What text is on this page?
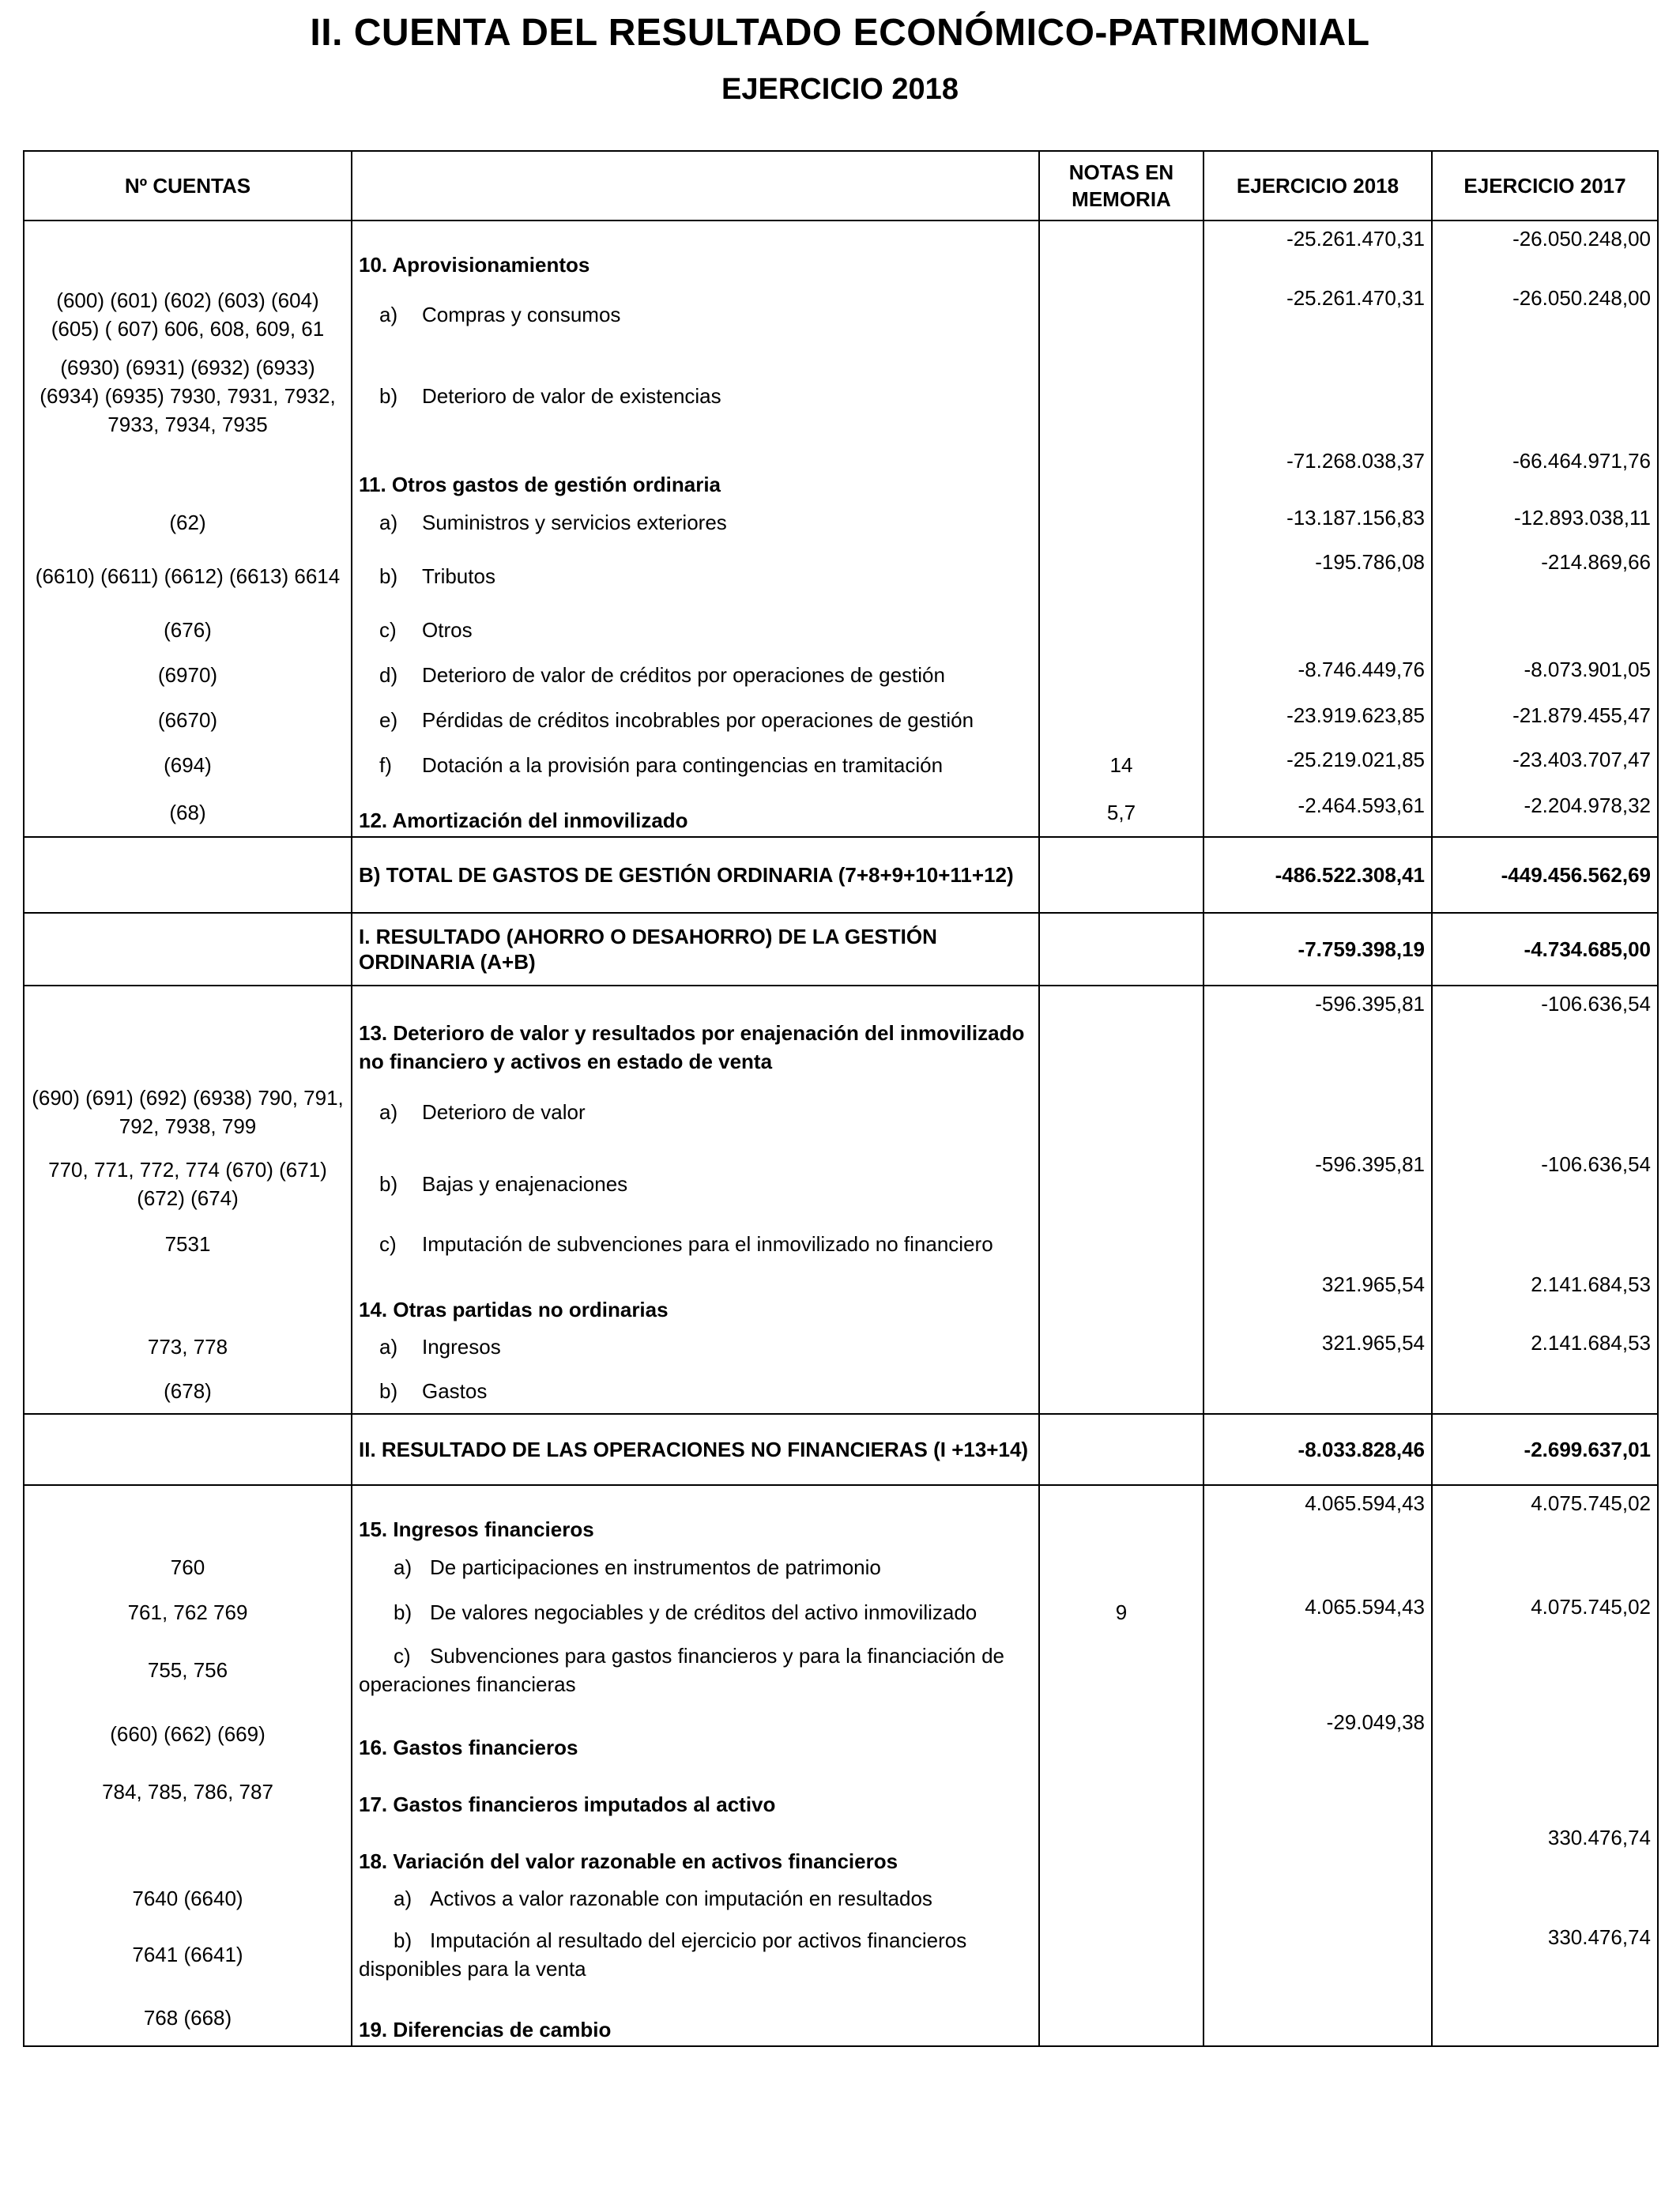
II. CUENTA DEL RESULTADO ECONÓMICO-PATRIMONIAL
EJERCICIO 2018
Nº CUENTAS		NOTAS EN MEMORIA	EJERCICIO 2018	EJERCICIO 2017
	10. Aprovisionamientos		-25.261.470,31	-26.050.248,00
(600) (601) (602) (603) (604) (605) ( 607) 606, 608, 609, 61	a) Compras y consumos		-25.261.470,31	-26.050.248,00
(6930) (6931) (6932) (6933) (6934) (6935) 7930, 7931, 7932, 7933, 7934, 7935	b) Deterioro de valor de existencias			
	11. Otros gastos de gestión ordinaria		-71.268.038,37	-66.464.971,76
(62)	a) Suministros y servicios exteriores		-13.187.156,83	-12.893.038,11
(6610) (6611) (6612) (6613) 6614	b) Tributos		-195.786,08	-214.869,66
(676)	c) Otros			
(6970)	d) Deterioro de valor de créditos por operaciones de gestión		-8.746.449,76	-8.073.901,05
(6670)	e) Pérdidas de créditos incobrables por operaciones de gestión		-23.919.623,85	-21.879.455,47
(694)	f) Dotación a la provisión para contingencias en tramitación	14	-25.219.021,85	-23.403.707,47
(68)	12. Amortización del inmovilizado	5,7	-2.464.593,61	-2.204.978,32
	B) TOTAL DE GASTOS DE GESTIÓN ORDINARIA (7+8+9+10+11+12)		-486.522.308,41	-449.456.562,69
	I. RESULTADO (AHORRO O DESAHORRO) DE LA GESTIÓN ORDINARIA (A+B)		-7.759.398,19	-4.734.685,00
	13. Deterioro de valor y resultados por enajenación del inmovilizado no financiero y activos en estado de venta		-596.395,81	-106.636,54
(690) (691) (692) (6938) 790, 791, 792, 7938, 799	a) Deterioro de valor			
770, 771, 772, 774 (670) (671) (672) (674)	b) Bajas y enajenaciones		-596.395,81	-106.636,54
7531	c) Imputación de subvenciones para el inmovilizado no financiero			
	14. Otras partidas no ordinarias		321.965,54	2.141.684,53
773, 778	a) Ingresos		321.965,54	2.141.684,53
(678)	b) Gastos			
	II. RESULTADO DE LAS OPERACIONES NO FINANCIERAS (I +13+14)		-8.033.828,46	-2.699.637,01
	15. Ingresos financieros		4.065.594,43	4.075.745,02
760	a) De participaciones en instrumentos de patrimonio			
761, 762 769	b) De valores negociables y de créditos del activo inmovilizado	9	4.065.594,43	4.075.745,02
755, 756	c) Subvenciones para gastos financieros y para la financiación de operaciones financieras			
(660) (662) (669)	16. Gastos financieros		-29.049,38	
784, 785, 786, 787	17. Gastos financieros imputados al activo			
	18. Variación del valor razonable en activos financieros			330.476,74
7640 (6640)	a) Activos a valor razonable con imputación en resultados			
7641 (6641)	b) Imputación al resultado del ejercicio por activos financieros disponibles para la venta			330.476,74
768 (668)	19. Diferencias de cambio			
